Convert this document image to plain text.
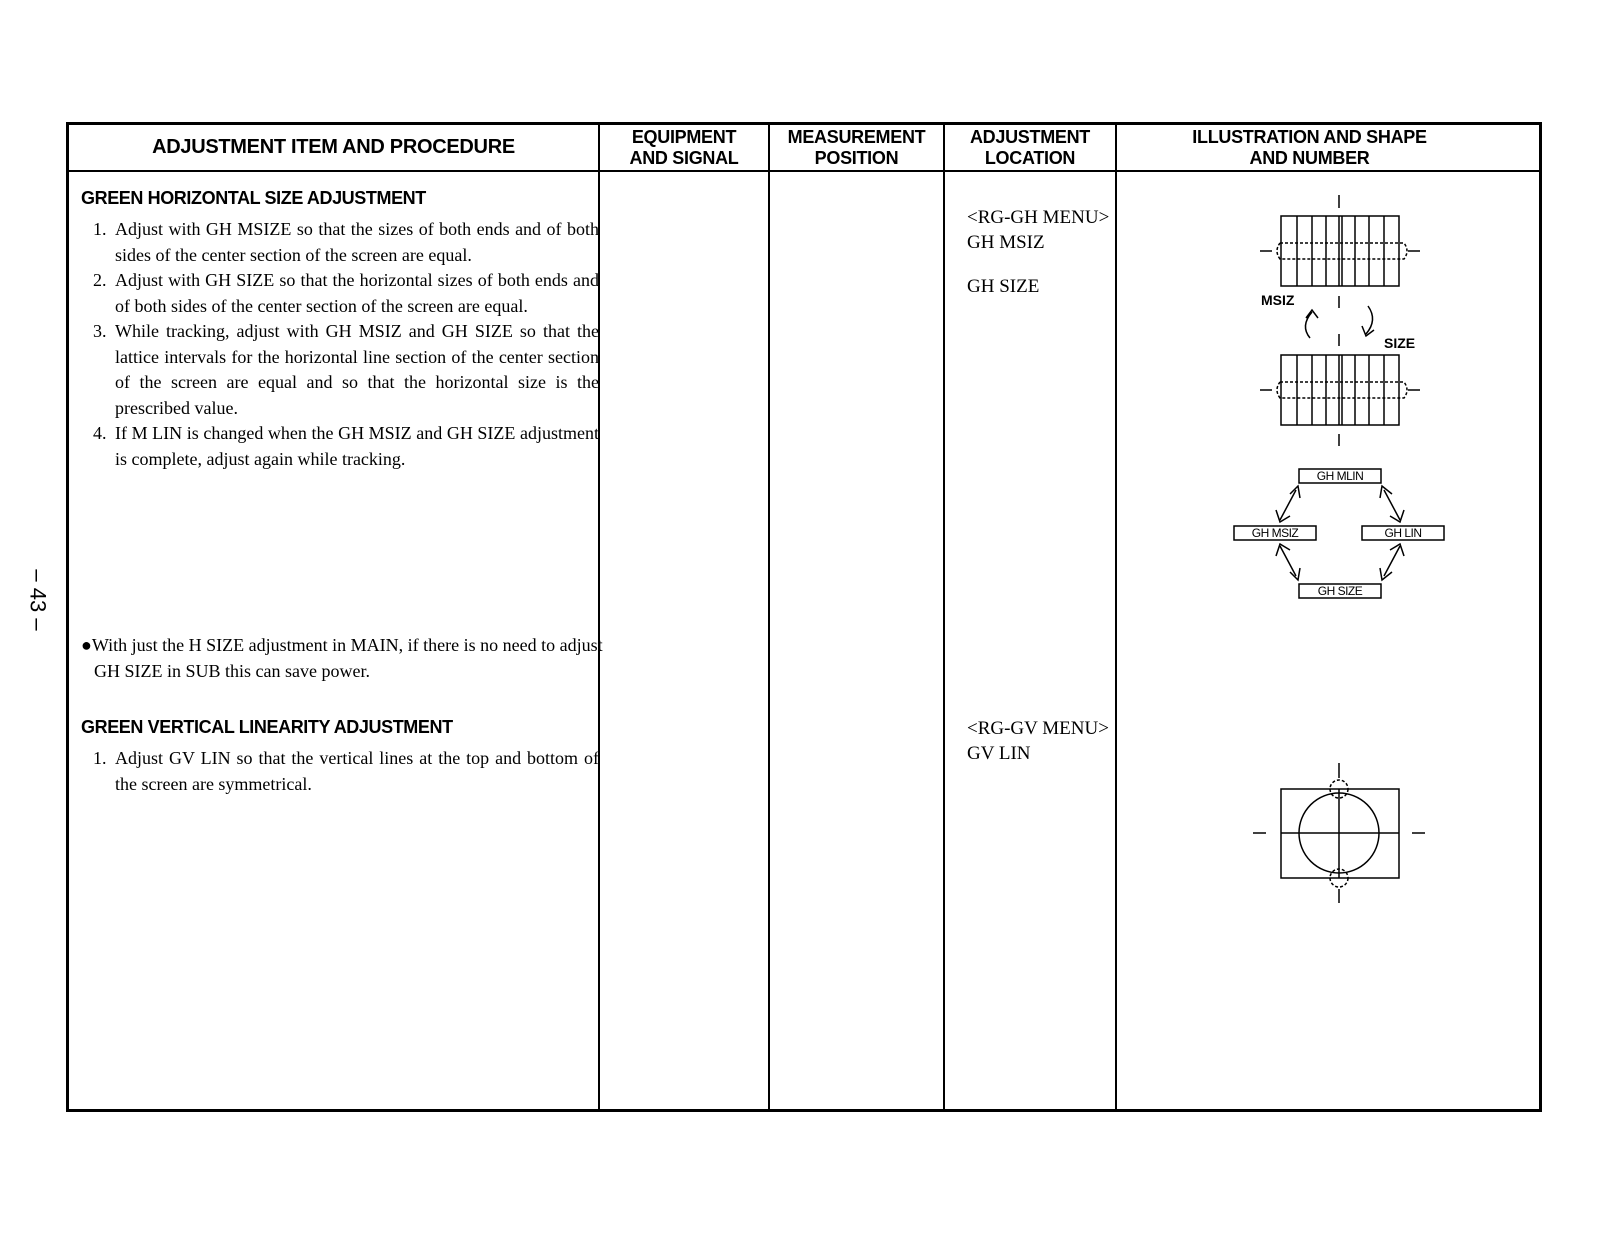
– 43 –
ADJUSTMENT ITEM AND PROCEDURE	EQUIPMENT
AND SIGNAL
MEASUREMENT
POSITION
ADJUSTMENT
LOCATION
ILLUSTRATION AND SHAPE
AND NUMBER
GREEN HORIZONTAL SIZE ADJUSTMENT
1. Adjust with GH MSIZE so that the sizes of both ends and of both sides of the center section of the screen are equal.
2. Adjust with GH SIZE so that the horizontal sizes of both ends and of both sides of the center section of the screen are equal.
3. While tracking, adjust with GH MSIZ and GH SIZE so that the lattice intervals for the horizontal line section of the center section of the screen are equal and so that the horizontal size is the prescribed value.
4. If M LIN is changed when the GH MSIZ and GH SIZE adjustment is complete, adjust again while tracking.
<RG-GH MENU>
GH MSIZ
GH SIZE
●With just the H SIZE adjustment in MAIN, if there is no need to adjust GH SIZE in SUB this can save power.
GREEN VERTICAL LINEARITY ADJUSTMENT
1. Adjust GV LIN so that the vertical lines at the top and bottom of the screen are symmetrical.
<RG-GV MENU>
GV LIN
MSIZ
SIZE
GH MLIN
GH MSIZ	GH LIN
GH SIZE
